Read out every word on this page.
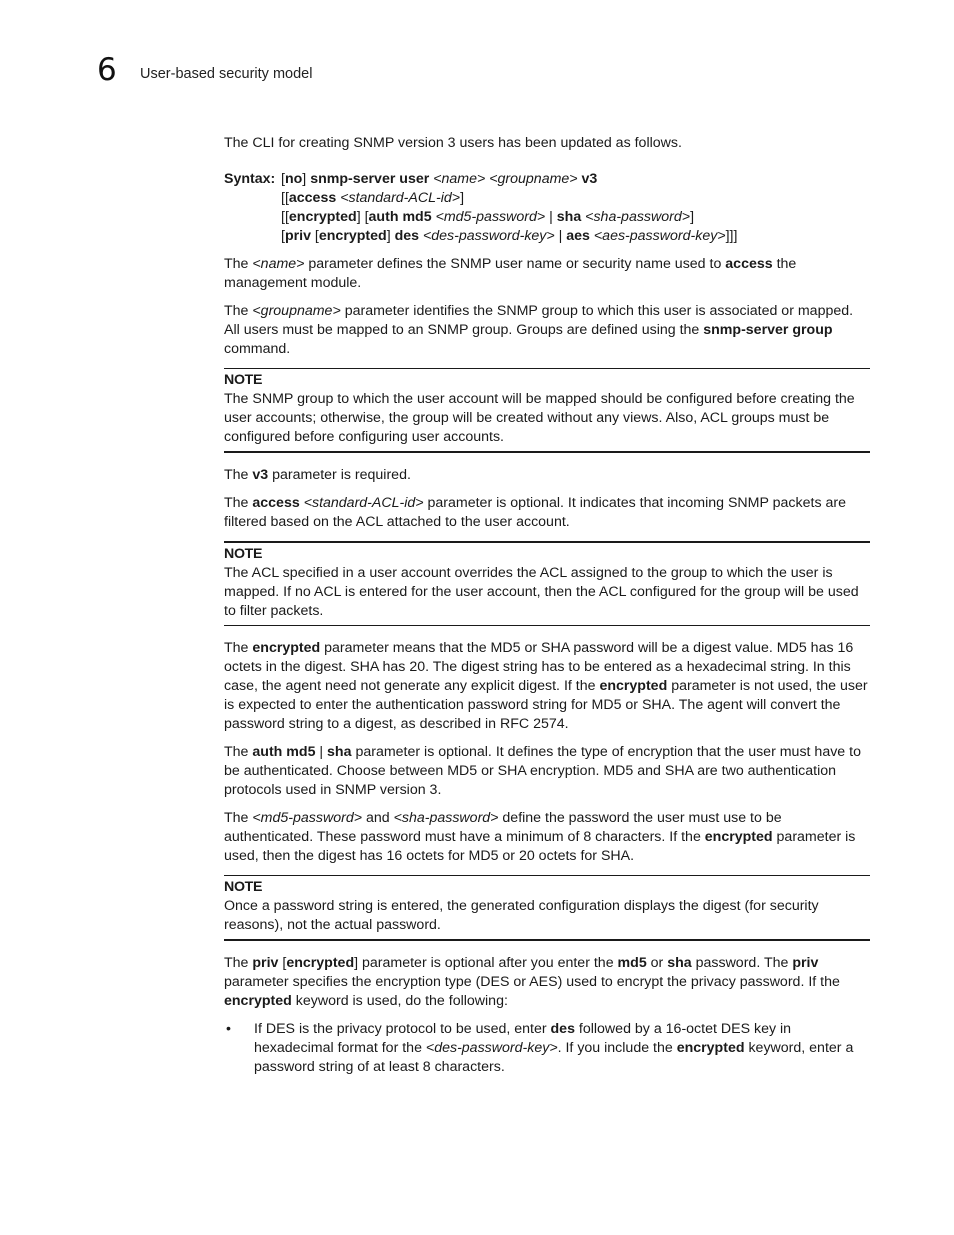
6 User-based security model

The CLI for creating SNMP version 3 users has been updated as follows.

Syntax: [no] snmp-server user <name> <groupname> v3
[[access <standard-ACL-id>]
[[encrypted] [auth md5 <md5-password> | sha <sha-password>]
[priv [encrypted] des <des-password-key> | aes <aes-password-key>]]]

The <name> parameter defines the SNMP user name or security name used to access the management module.

The <groupname> parameter identifies the SNMP group to which this user is associated or mapped. All users must be mapped to an SNMP group. Groups are defined using the snmp-server group command.

NOTE
The SNMP group to which the user account will be mapped should be configured before creating the user accounts; otherwise, the group will be created without any views. Also, ACL groups must be configured before configuring user accounts.

The v3 parameter is required.

The access <standard-ACL-id> parameter is optional. It indicates that incoming SNMP packets are filtered based on the ACL attached to the user account.

NOTE
The ACL specified in a user account overrides the ACL assigned to the group to which the user is mapped. If no ACL is entered for the user account, then the ACL configured for the group will be used to filter packets.

The encrypted parameter means that the MD5 or SHA password will be a digest value. MD5 has 16 octets in the digest. SHA has 20. The digest string has to be entered as a hexadecimal string. In this case, the agent need not generate any explicit digest. If the encrypted parameter is not used, the user is expected to enter the authentication password string for MD5 or SHA. The agent will convert the password string to a digest, as described in RFC 2574.

The auth md5 | sha parameter is optional. It defines the type of encryption that the user must have to be authenticated. Choose between MD5 or SHA encryption. MD5 and SHA are two authentication protocols used in SNMP version 3.

The <md5-password> and <sha-password> define the password the user must use to be authenticated. These password must have a minimum of 8 characters. If the encrypted parameter is used, then the digest has 16 octets for MD5 or 20 octets for SHA.

NOTE
Once a password string is entered, the generated configuration displays the digest (for security reasons), not the actual password.

The priv [encrypted] parameter is optional after you enter the md5 or sha password. The priv parameter specifies the encryption type (DES or AES) used to encrypt the privacy password. If the encrypted keyword is used, do the following:

•	If DES is the privacy protocol to be used, enter des followed by a 16-octet DES key in hexadecimal format for the <des-password-key>. If you include the encrypted keyword, enter a password string of at least 8 characters.
